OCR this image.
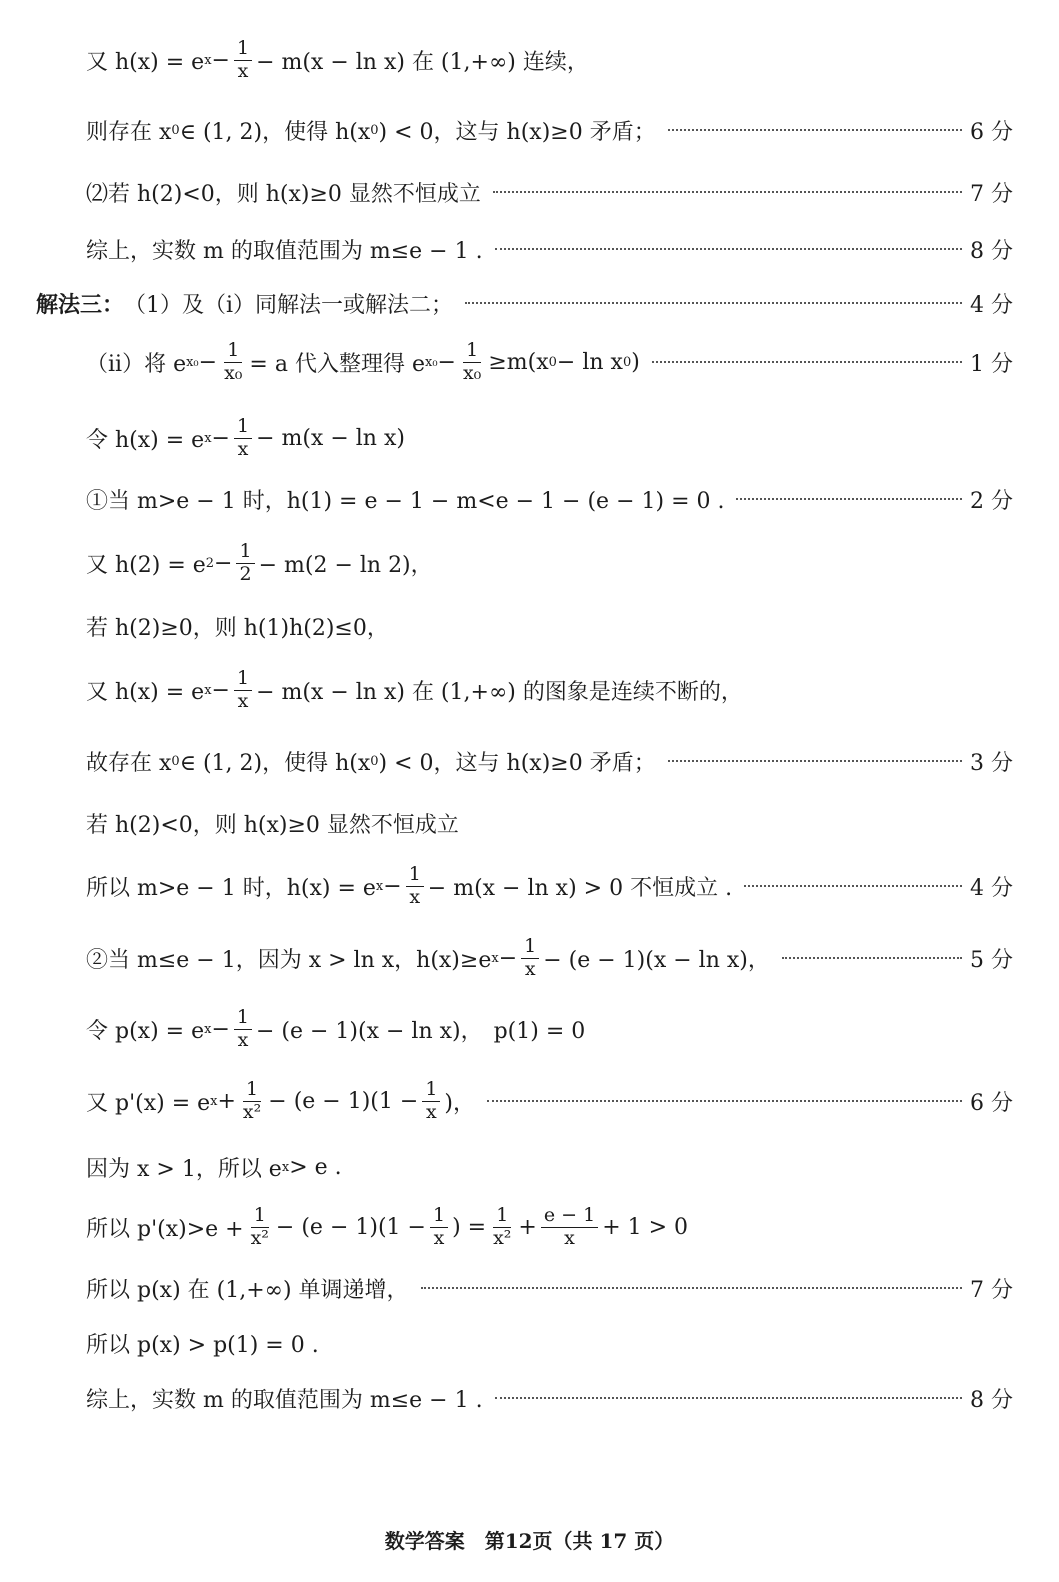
又 h(x) = e $x - \frac{1}{x} - m(x - \ln x)$ 在 (1,+∞) 连续，
则存在 x 0 ∈ (1, 2)，使得 h(x 0 ) < 0，这与 h(x)≥0 矛盾；	6 分
⑵若 h(2)<0，则 h(x)≥0 显然不恒成立	7 分
综上，实数 m 的取值范围为 m≤e − 1 .	8 分
解法三： （1）及（i）同解法一或解法二；	4 分
（ii）将 e $x_0 - \frac{1}{\text{x₀}} = a$ 代入整理得 e $x_0 - \frac{1}{\text{x₀}} \ge m(x$ 0 − ln x 0 )	1 分
令 h(x) = e $x - \frac{1}{x} - m(x - \ln x)$
①当 m>e − 1 时，h(1) = e − 1 − m<e − 1 − (e − 1) = 0 .	2 分
又 h(2) = e $2 - \frac{1}{2} - m(2 - \ln 2)$，
若 h(2)≥0，则 h(1)h(2)≤0，
又 h(x) = e $x - \frac{1}{x} - m(x - \ln x)$ 在 (1,+∞) 的图象是连续不断的，
故存在 x 0 ∈ (1, 2)，使得 h(x 0 ) < 0，这与 h(x)≥0 矛盾；	3 分
若 h(2)<0，则 h(x)≥0 显然不恒成立
所以 m>e − 1 时，h(x) = e $x - \frac{1}{x} - m(x - \ln x) > 0$ 不恒成立 .	4 分
②当 m≤e − 1，因为 x > ln x，h(x)≥e $x - \frac{1}{x} - (e - 1)(x - \ln x)$，	5 分
令 p(x) = e $x - \frac{1}{x} - (e - 1)(x - \ln x)$，　p(1) = 0
又 p'(x) = e $x + \frac{1}{\text{x²}} - (e - 1)(1 - \frac{1}{x}$ )，	6 分
因为 x > 1，所以 e x > e .
所以 $p'(x)>e + \frac{1}{\text{x²}} - (e - 1)(1 - \frac{1}{x}$ ) = $\frac{1}{\text{x²}} + \frac{e - 1}{x} + 1 > 0$
所以 p(x) 在 (1,+∞) 单调递增，	7 分
所以 p(x) > p(1) = 0 .
综上，实数 m 的取值范围为 m≤e − 1 .	8 分
数学答案　第12页（共 17 页）
